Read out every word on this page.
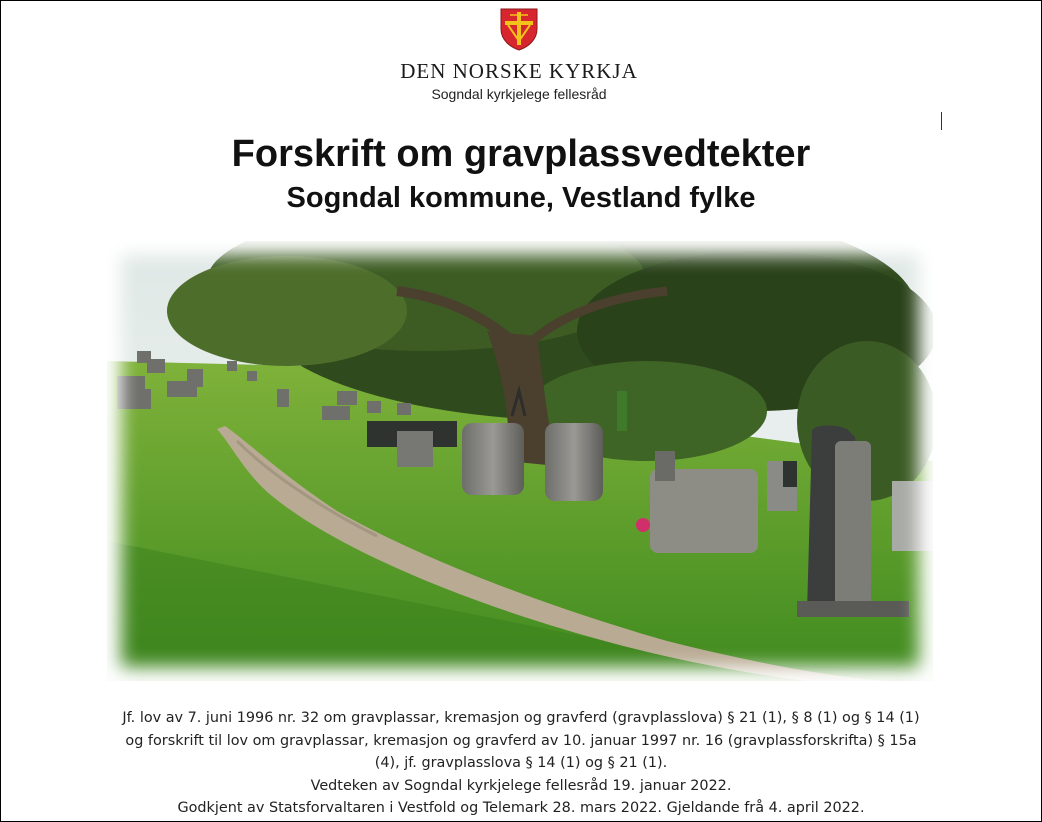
DEN NORSKE KYRKJA
Sogndal kyrkjelege fellesråd
Forskrift om gravplassvedtekter
Sogndal kommune, Vestland fylke
Jf. lov av 7. juni 1996 nr. 32 om gravplassar, kremasjon og gravferd (gravplasslova) § 21 (1), § 8 (1) og § 14 (1)
og forskrift til lov om gravplassar, kremasjon og gravferd av 10. januar 1997 nr. 16 (gravplassforskrifta) § 15a
(4), jf. gravplasslova § 14 (1) og § 21 (1).
Vedteken av Sogndal kyrkjelege fellesråd 19. januar 2022.
Godkjent av Statsforvaltaren i Vestfold og Telemark 28. mars 2022. Gjeldande frå 4. april 2022.
